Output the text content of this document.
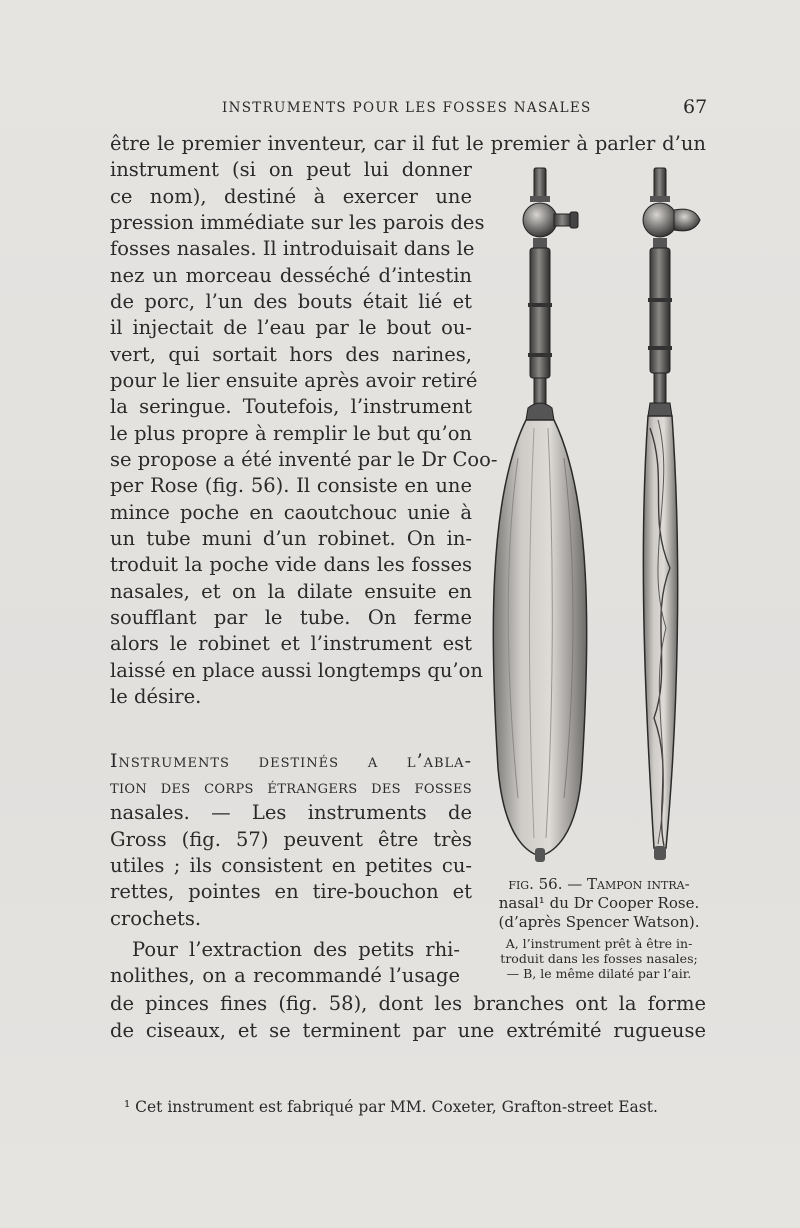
INSTRUMENTS POUR LES FOSSES NASALES	67
être le premier inventeur, car il fut le premier à parler d’un
instrument (si on peut lui donner
ce nom), destiné à exercer une
pression immédiate sur les parois des
fosses nasales. Il introduisait dans le
nez un morceau desséché d’intestin
de porc, l’un des bouts était lié et
il injectait de l’eau par le bout ou-
vert, qui sortait hors des narines,
pour le lier ensuite après avoir retiré
la seringue. Toutefois, l’instrument
le plus propre à remplir le but qu’on
se propose a été inventé par le Dr Coo-
per Rose (fig. 56). Il consiste en une
mince poche en caoutchouc unie à
un tube muni d’un robinet. On in-
troduit la poche vide dans les fosses
nasales, et on la dilate ensuite en
soufflant par le tube. On ferme
alors le robinet et l’instrument est
laissé en place aussi longtemps qu’on
le désire.
Instruments destinés a l’abla-
tion des corps étrangers des fosses
nasales. — Les instruments de
Gross (fig. 57) peuvent être très
utiles ; ils consistent en petites cu-
rettes, pointes en tire-bouchon et
crochets.
Pour l’extraction des petits rhi-
nolithes, on a recommandé l’usage
de pinces fines (fig. 58), dont les branches ont la forme
de ciseaux, et se terminent par une extrémité rugueuse
fig. 56. — Tampon intra-
nasal¹ du Dr Cooper Rose.
(d’après Spencer Watson).
A, l’instrument prêt à être in-
troduit dans les fosses nasales;
— B, le même dilaté par l’air.
¹ Cet instrument est fabriqué par MM. Coxeter, Grafton-street East.
